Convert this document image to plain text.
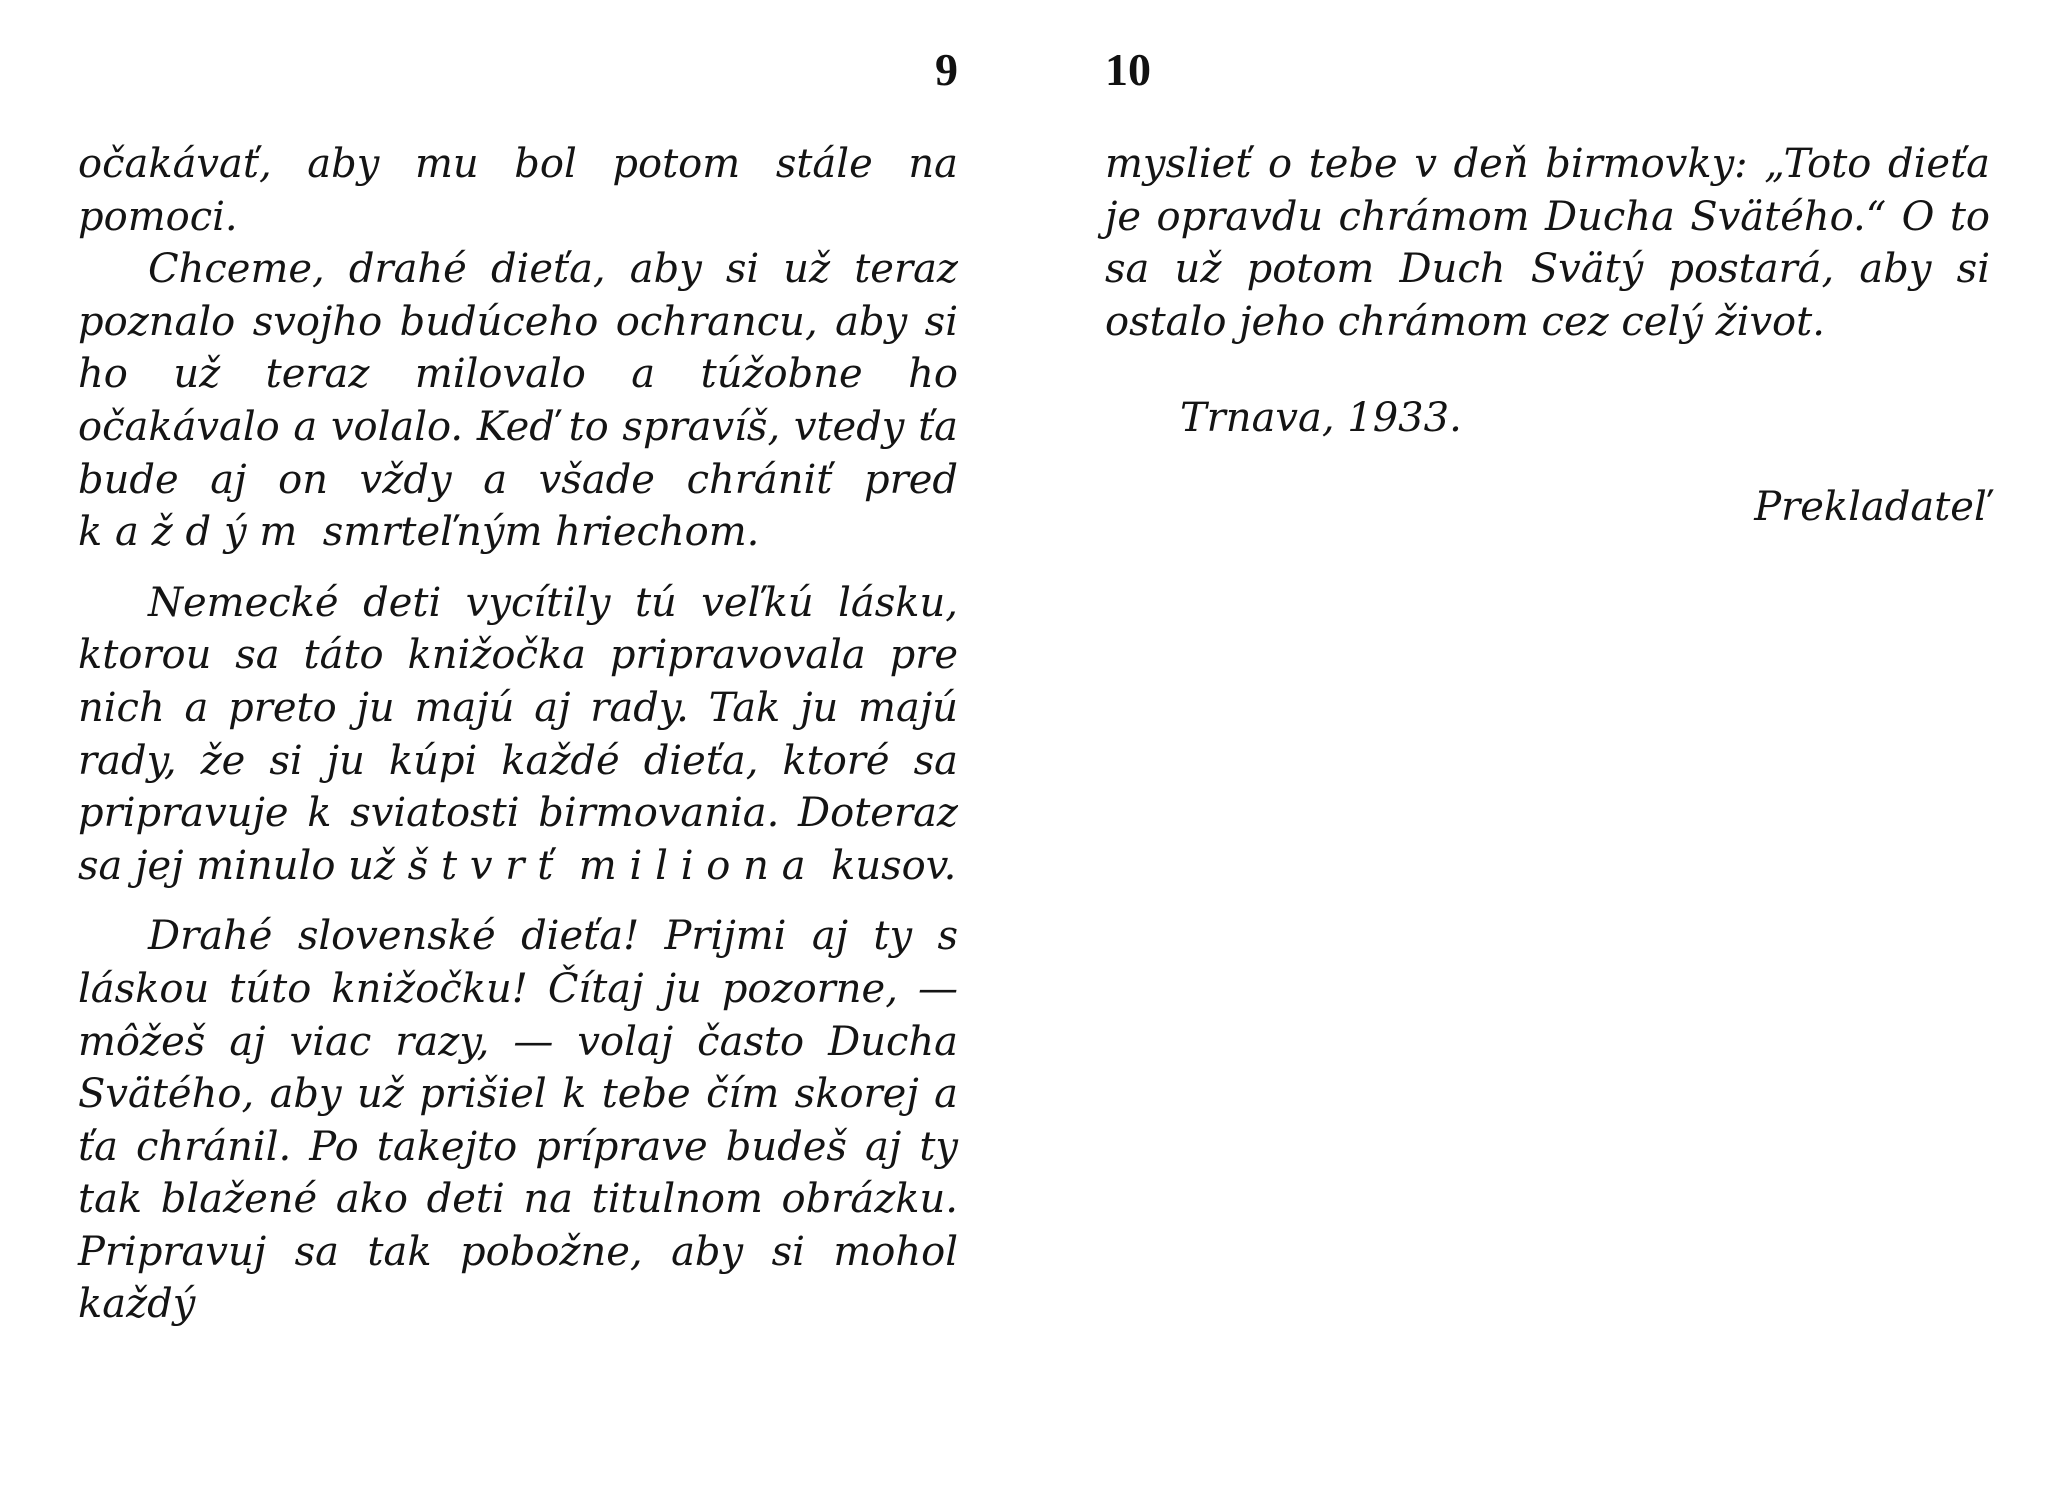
9

očakávať, aby mu bol potom stále na pomoci.

Chceme, drahé dieťa, aby si už teraz poznalo svojho budúceho ochrancu, aby si ho už teraz milovalo a túžobne ho očakávalo a volalo. Keď to spravíš, vtedy ťa bude aj on vždy a všade chrániť pred každým smrteľným hriechom.

Nemecké deti vycítily tú veľkú lásku, ktorou sa táto knižočka pripravovala pre nich a preto ju majú aj rady. Tak ju majú rady, že si ju kúpi každé dieťa, ktoré sa pripravuje k sviatosti birmovania. Doteraz sa jej minulo už štvrť miliona kusov.

Drahé slovenské dieťa! Prijmi aj ty s láskou túto knižočku! Čítaj ju pozorne, — môžeš aj viac razy, — volaj často Ducha Svätého, aby už prišiel k tebe čím skorej a ťa chránil. Po takejto príprave budeš aj ty tak blažené ako deti na titulnom obrázku. Pripravuj sa tak pobožne, aby si mohol každý

10

myslieť o tebe v deň birmovky: „Toto dieťa je opravdu chrámom Ducha Svätého.“ O to sa už potom Duch Svätý postará, aby si ostalo jeho chrámom cez celý život.

Trnava, 1933.

Prekladateľ
